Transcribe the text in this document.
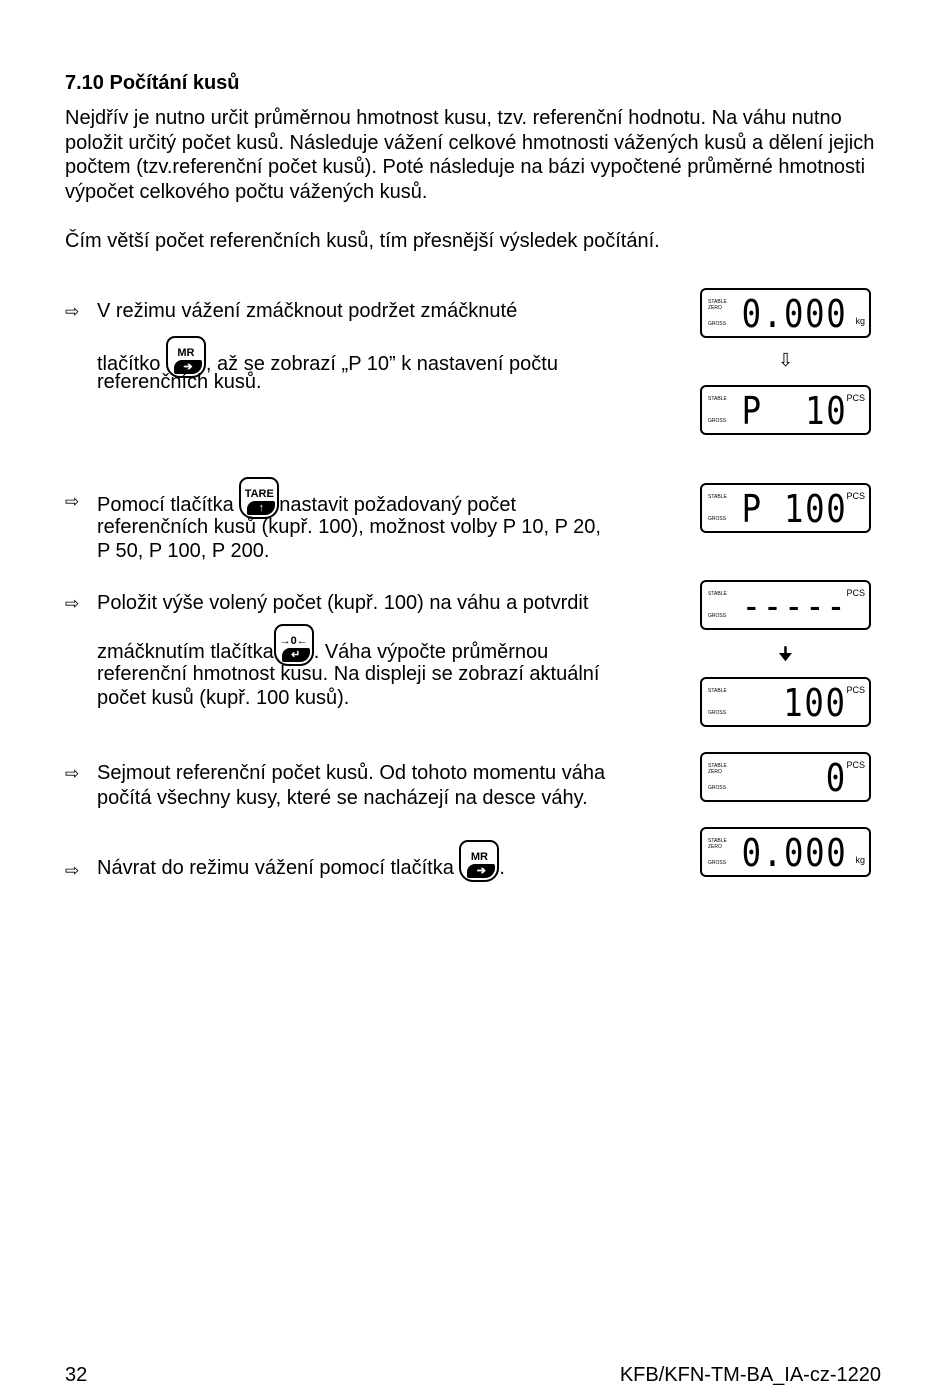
7.10 Počítání kusů

Nejdřív je nutno určit průměrnou hmotnost kusu, tzv. referenční hodnotu. Na váhu nutno položit určitý počet kusů. Následuje vážení celkové hmotnosti vážených kusů a dělení jejich počtem (tzv.referenční počet kusů). Poté následuje na bázi vypočtené průměrné hmotnosti výpočet celkového počtu vážených kusů.

Čím větší počet referenčních kusů, tím přesnější výsledek počítání.

⇨ V režimu vážení zmáčknout podržet zmáčknuté
tlačítko	MR
➔ , až se zobrazí „P 10” k nastavení počtu
referenčních kusů.
⇨ Pomocí tlačítka TARE
↑ nastavit požadovaný počet
referenčních kusů (kupř. 100), možnost volby P 10, P 20,
P 50, P 100, P 200.
⇨ Položit výše volený počet (kupř. 100) na váhu a potvrdit
zmáčknutím tlačítka →0←
↵ . Váha výpočte průměrnou
referenční hmotnost kusu. Na displeji se zobrazí aktuální
počet kusů (kupř. 100 kusů).
⇨ Sejmout referenční počet kusů. Od tohoto momentu váha
počítá všechny kusy, které se nacházejí na desce váhy.
⇨ Návrat do režimu vážení pomocí tlačítka	MR
➔ .
STABLE
ZERO
GROSS 0.000 kg
⇩
STABLE
GROSS P  10 PCS
STABLE
GROSS P 100 PCS
STABLE
GROSS ----- PCS
🠋
STABLE
GROSS 100 PCS
STABLE
ZERO
GROSS	0 PCS
STABLE
ZERO
GROSS 0.000 kg
32	KFB/KFN-TM-BA_IA-cz-1220
